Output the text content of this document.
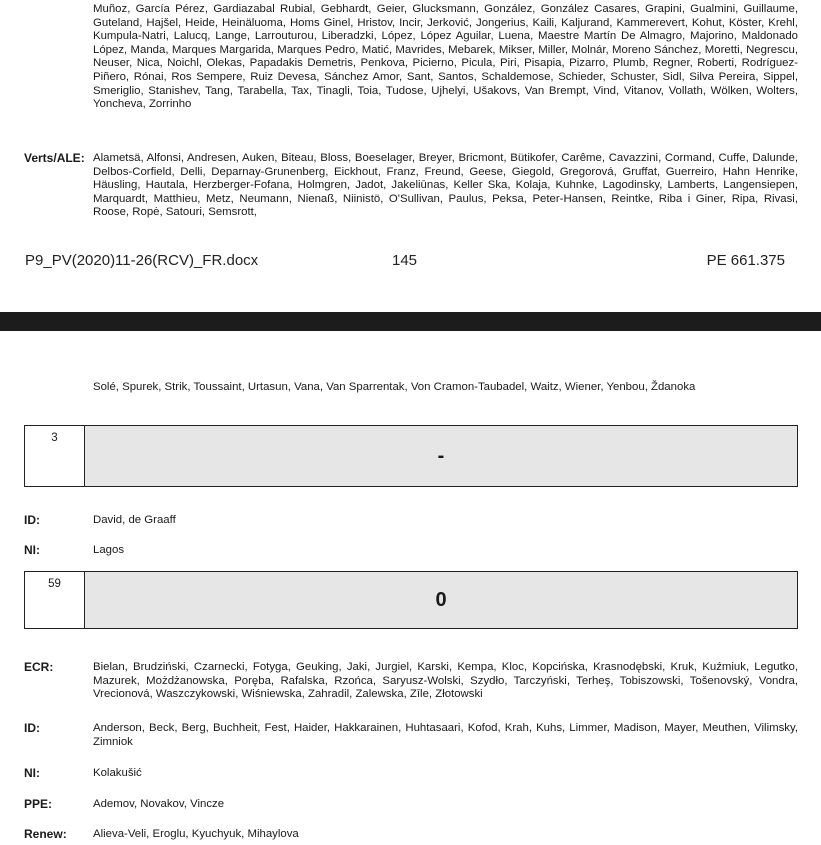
Muñoz, García Pérez, Gardiazabal Rubial, Gebhardt, Geier, Glucksmann, González, González Casares, Grapini, Gualmini, Guillaume, Guteland, Hajšel, Heide, Heinäluoma, Homs Ginel, Hristov, Incir, Jerković, Jongerius, Kaili, Kaljurand, Kammerevert, Kohut, Köster, Krehl, Kumpula-Natri, Lalucq, Lange, Larrouturou, Liberadzki, López, López Aguilar, Luena, Maestre Martín De Almagro, Majorino, Maldonado López, Manda, Marques Margarida, Marques Pedro, Matić, Mavrides, Mebarek, Mikser, Miller, Molnár, Moreno Sánchez, Moretti, Negrescu, Neuser, Nica, Noichl, Olekas, Papadakis Demetris, Penkova, Picierno, Picula, Piri, Pisapia, Pizarro, Plumb, Regner, Roberti, Rodríguez-Piñero, Rónai, Ros Sempere, Ruiz Devesa, Sánchez Amor, Sant, Santos, Schaldemose, Schieder, Schuster, Sidl, Silva Pereira, Sippel, Smeriglio, Stanishev, Tang, Tarabella, Tax, Tinagli, Toia, Tudose, Ujhelyi, Ušakovs, Van Brempt, Vind, Vitanov, Vollath, Wölken, Wolters, Yoncheva, Zorrinho
Verts/ALE: Alametsä, Alfonsi, Andresen, Auken, Biteau, Bloss, Boeselager, Breyer, Bricmont, Bütikofer, Carême, Cavazzini, Cormand, Cuffe, Dalunde, Delbos-Corfield, Delli, Deparnay-Grunenberg, Eickhout, Franz, Freund, Geese, Giegold, Gregorová, Gruffat, Guerreiro, Hahn Henrike, Häusling, Hautala, Herzberger-Fofana, Holmgren, Jadot, Jakeliūnas, Keller Ska, Kolaja, Kuhnke, Lagodinsky, Lamberts, Langensiepen, Marquardt, Matthieu, Metz, Neumann, Nienaß, Niinistö, O'Sullivan, Paulus, Peksa, Peter-Hansen, Reintke, Riba i Giner, Ripa, Rivasi, Roose, Ropė, Satouri, Semsrott,
P9_PV(2020)11-26(RCV)_FR.docx	145	PE 661.375
Solé, Spurek, Strik, Toussaint, Urtasun, Vana, Van Sparrentak, Von Cramon-Taubadel, Waitz, Wiener, Yenbou, Ždanoka
3
-
ID:	David, de Graaff
NI:	Lagos
59
0
ECR:	Bielan, Brudziński, Czarnecki, Fotyga, Geuking, Jaki, Jurgiel, Karski, Kempa, Kloc, Kopcińska, Krasnodębski, Kruk, Kuźmiuk, Legutko, Mazurek, Możdżanowska, Poręba, Rafalska, Rzońca, Saryusz-Wolski, Szydło, Tarczyński, Terheş, Tobiszowski, Tošenovský, Vondra, Vrecionová, Waszczykowski, Wiśniewska, Zahradil, Zalewska, Zīle, Złotowski
ID:	Anderson, Beck, Berg, Buchheit, Fest, Haider, Hakkarainen, Huhtasaari, Kofod, Krah, Kuhs, Limmer, Madison, Mayer, Meuthen, Vilimsky, Zimniok
NI:	Kolakušić
PPE:	Ademov, Novakov, Vincze
Renew: Alieva-Veli, Eroglu, Kyuchyuk, Mihaylova
